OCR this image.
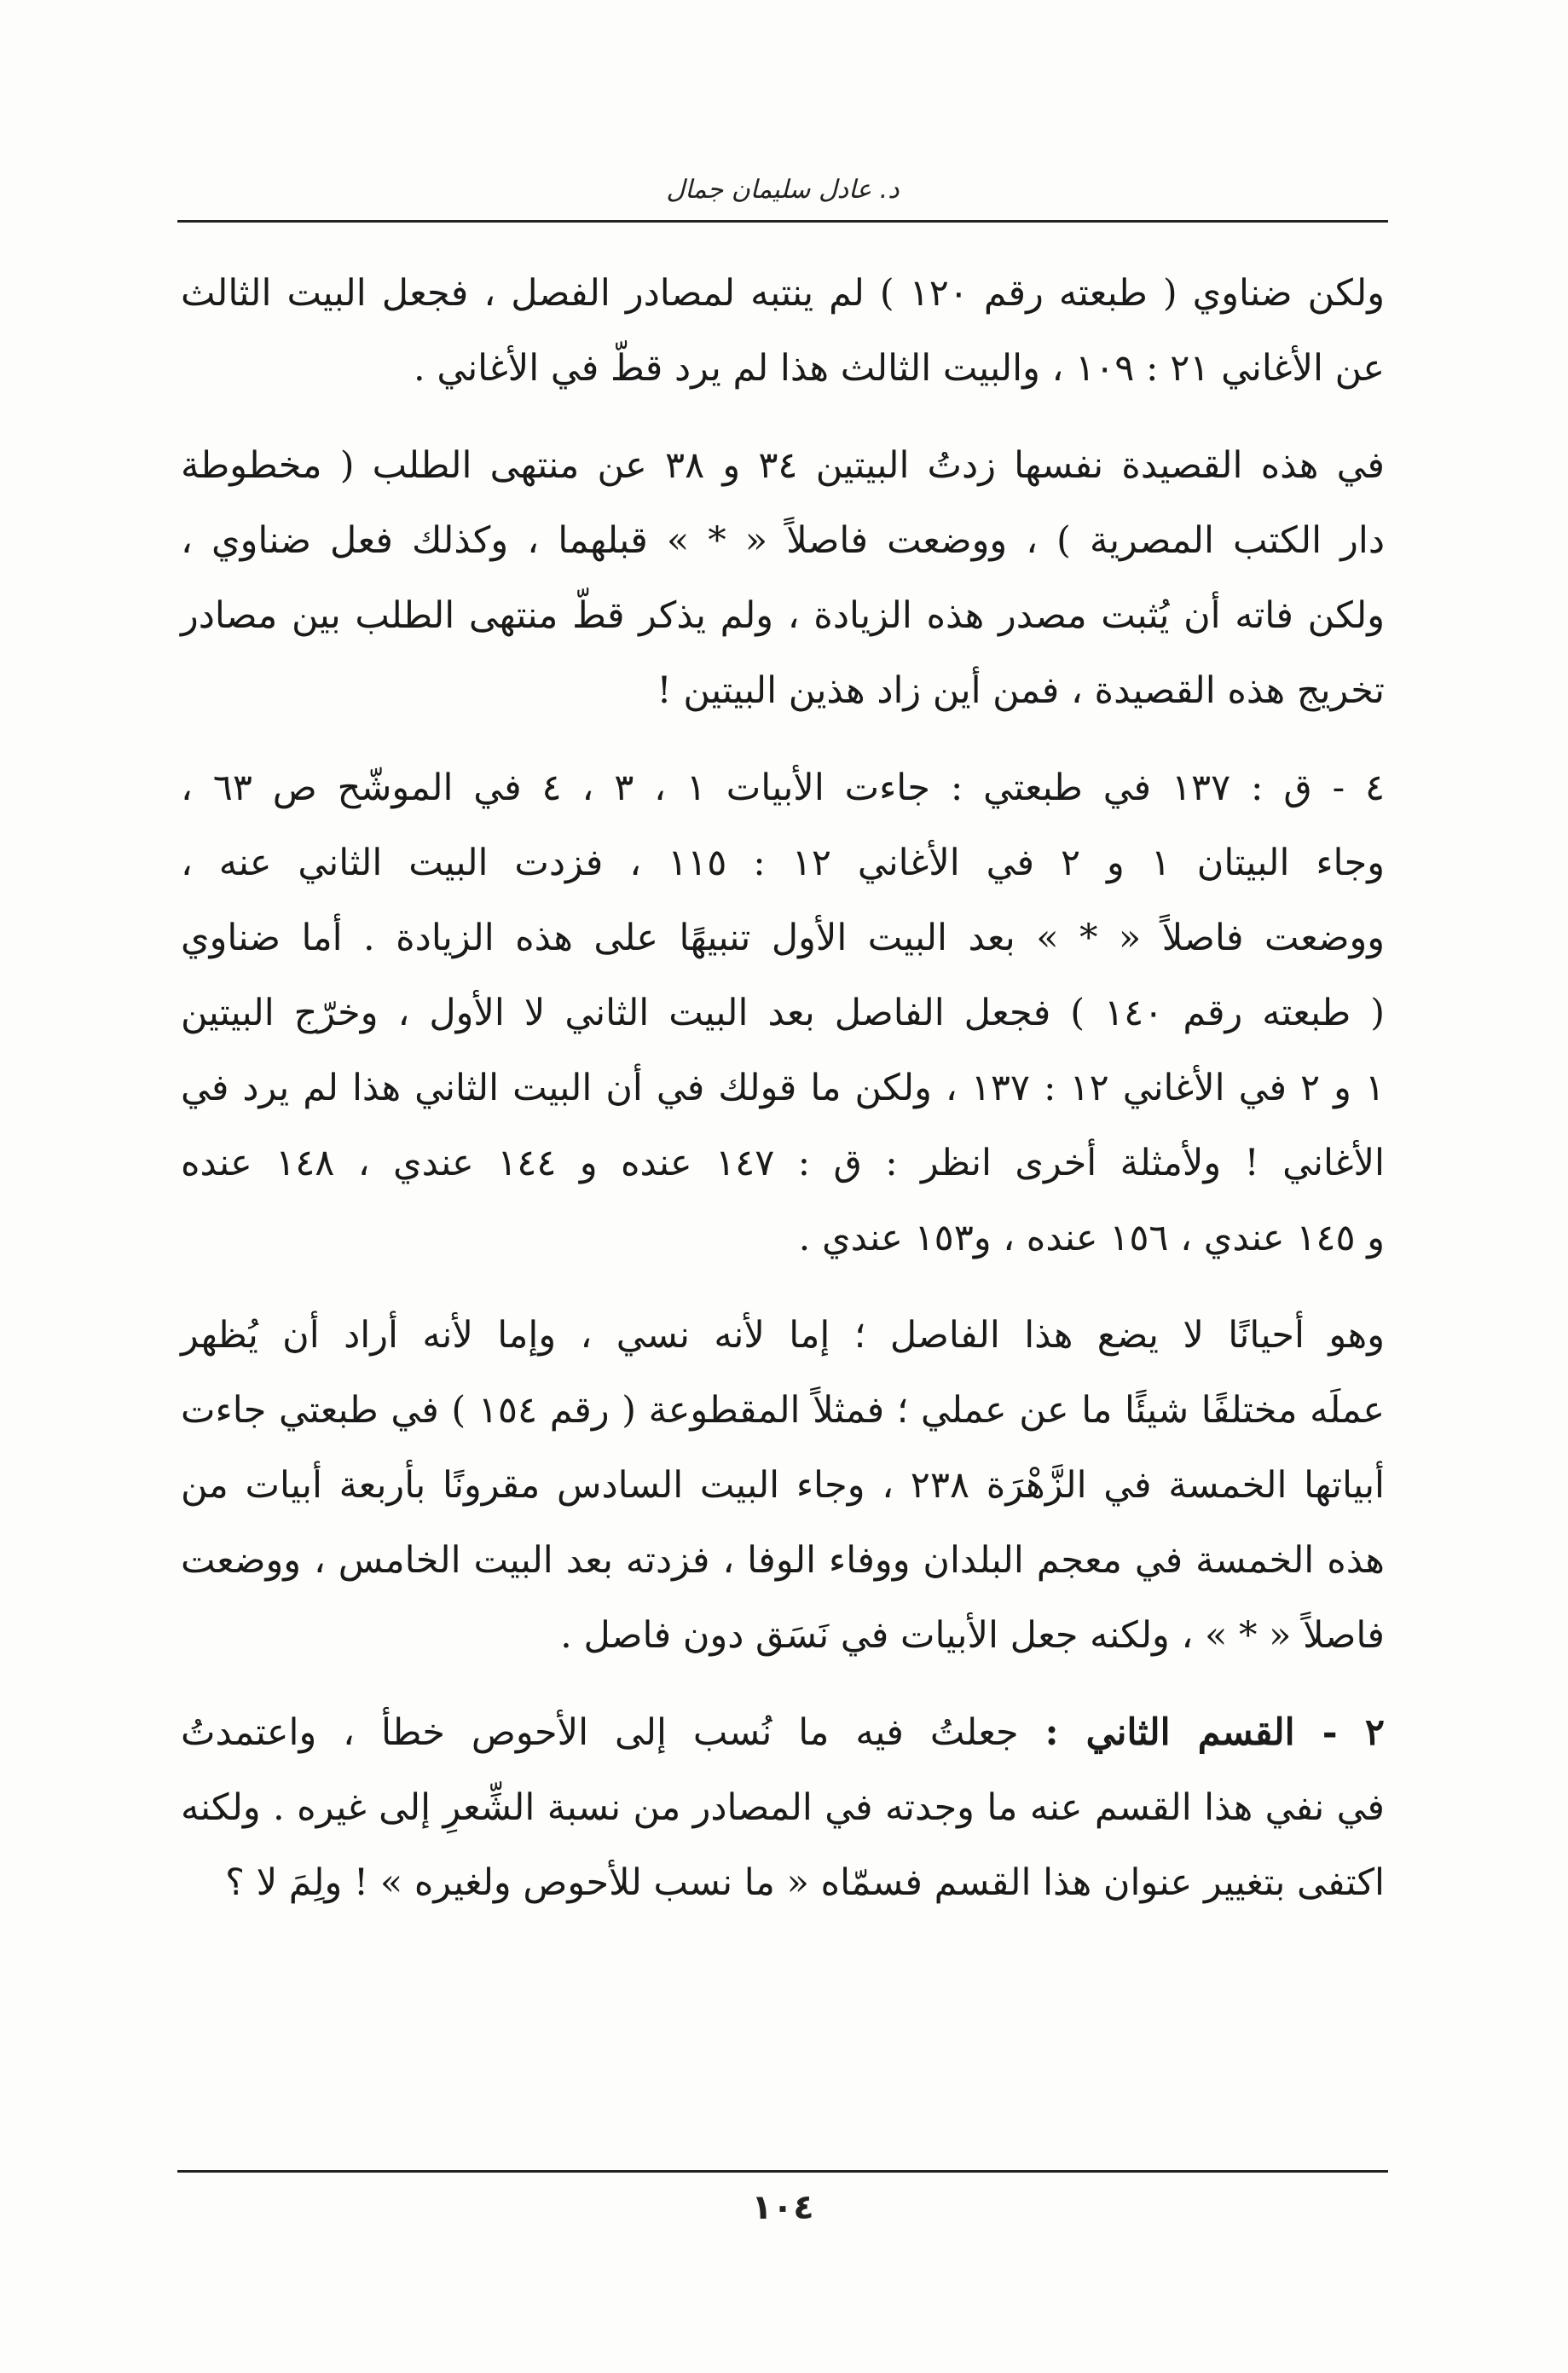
د. عادل سليمان جمال

ولكن ضناوي ( طبعته رقم ١٢٠ ) لم ينتبه لمصادر الفصل ، فجعل البيت الثالث
عن الأغاني ٢١ : ١٠٩ ، والبيت الثالث هذا لم يرد قطّ في الأغاني .

في هذه القصيدة نفسها زدتُ البيتين ٣٤ و ٣٨ عن منتهى الطلب ( مخطوطة
دار الكتب المصرية ) ، ووضعت فاصلاً « * » قبلهما ، وكذلك فعل ضناوي ،
ولكن فاته أن يُثبت مصدر هذه الزيادة ، ولم يذكر قطّ منتهى الطلب بين مصادر
تخريج هذه القصيدة ، فمن أين زاد هذين البيتين !

٤ - ق : ١٣٧ في طبعتي : جاءت الأبيات ١ ، ٣ ، ٤ في الموشّح ص ٦٣ ،
وجاء البيتان ١ و ٢ في الأغاني ١٢ : ١١٥ ، فزدت البيت الثاني عنه ،
ووضعت فاصلاً « * » بعد البيت الأول تنبيهًا على هذه الزيادة . أما ضناوي
( طبعته رقم ١٤٠ ) فجعل الفاصل بعد البيت الثاني لا الأول ، وخرّج البيتين
١ و ٢ في الأغاني ١٢ : ١٣٧ ، ولكن ما قولك في أن البيت الثاني هذا لم يرد في
الأغاني ! ولأمثلة أخرى انظر : ق : ١٤٧ عنده و ١٤٤ عندي ، ١٤٨ عنده
و ١٤٥ عندي ، ١٥٦ عنده ، و١٥٣ عندي .

وهو أحيانًا لا يضع هذا الفاصل ؛ إما لأنه نسي ، وإما لأنه أراد أن يُظهر
عملَه مختلفًا شيئًا ما عن عملي ؛ فمثلاً المقطوعة ( رقم ١٥٤ ) في طبعتي جاءت
أبياتها الخمسة في الزَّهْرَة ٢٣٨ ، وجاء البيت السادس مقرونًا بأربعة أبيات من
هذه الخمسة في معجم البلدان ووفاء الوفا ، فزدته بعد البيت الخامس ، ووضعت
فاصلاً « * » ، ولكنه جعل الأبيات في نَسَق دون فاصل .

٢ - القسم الثاني : جعلتُ فيه ما نُسب إلى الأحوص خطأ ، واعتمدتُ
في نفي هذا القسم عنه ما وجدته في المصادر من نسبة الشِّعرِ إلى غيره . ولكنه
اكتفى بتغيير عنوان هذا القسم فسمّاه « ما نسب للأحوص ولغيره » ! ولِمَ لا ؟

١٠٤
